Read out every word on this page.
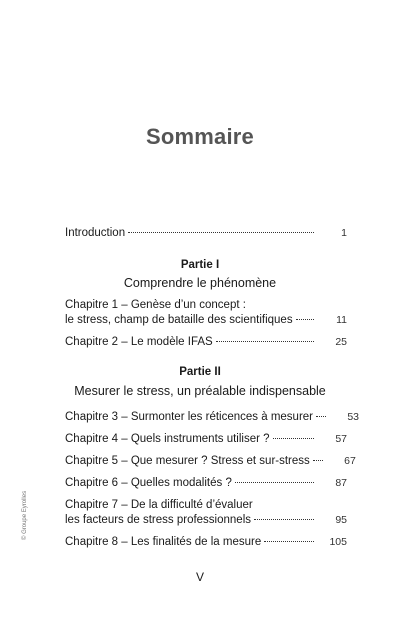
Sommaire
Introduction	1
Partie I
Comprendre le phénomène
Chapitre 1 – Genèse d’un concept :
le stress, champ de bataille des scientifiques	11
Chapitre 2 – Le modèle IFAS	25
Partie II
Mesurer le stress, un préalable indispensable
Chapitre 3 – Surmonter les réticences à mesurer	53
Chapitre 4 – Quels instruments utiliser ?	57
Chapitre 5 – Que mesurer ? Stress et sur-stress	67
Chapitre 6 – Quelles modalités ?	87
Chapitre 7 – De la difficulté d’évaluer
les facteurs de stress professionnels	95
Chapitre 8 – Les finalités de la mesure	105
© Groupe Eyrolles
V
